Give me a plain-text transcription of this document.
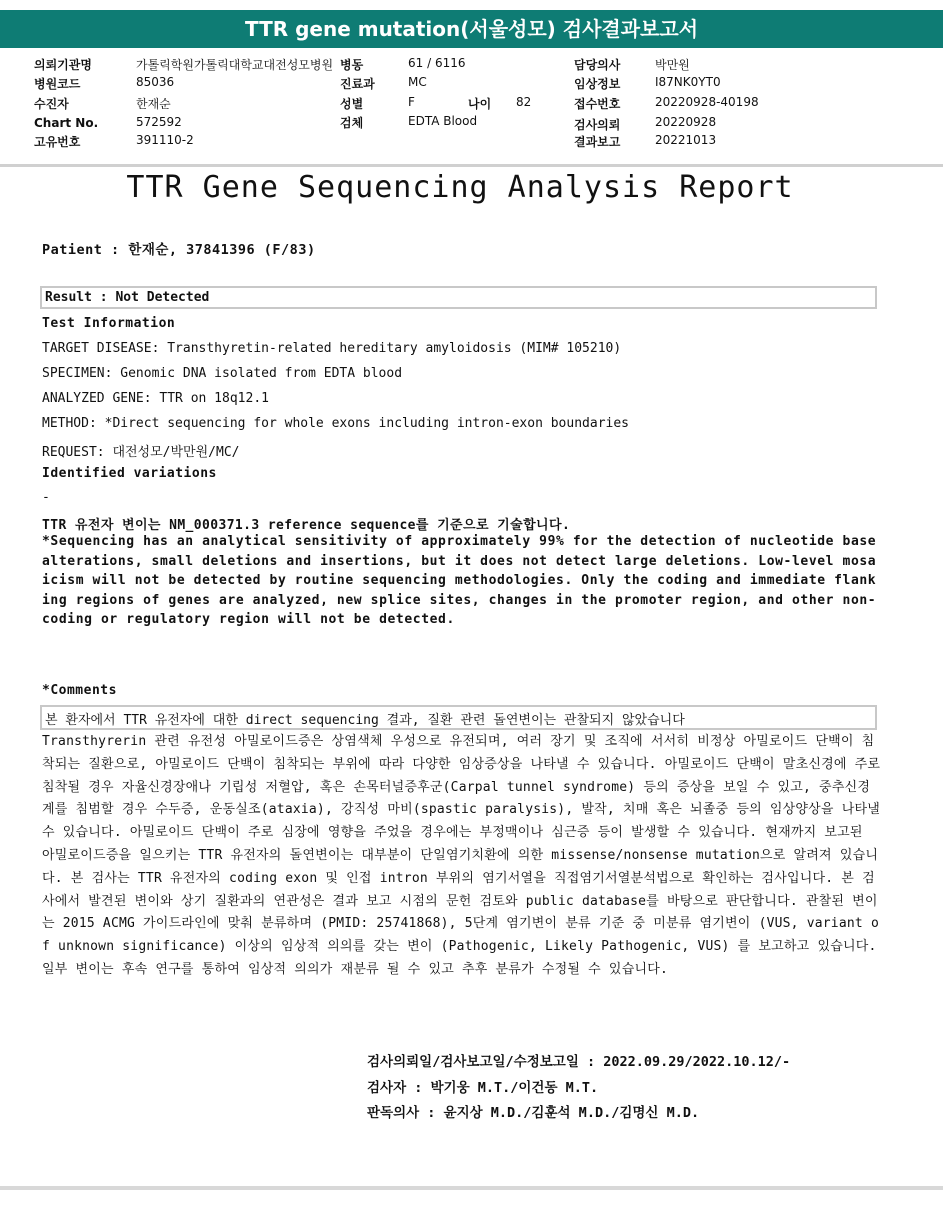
TTR gene mutation(서울성모) 검사결과보고서
의뢰기관명	가톨릭학원가톨릭대학교대전성모병원
병원코드	85036
수진자	한재순
Chart No.	572592
고유번호	391110-2
병동	61 / 6116
진료과	MC
성별	F	나이 82
검체	EDTA Blood
담당의사	박만원
임상정보	I87NK0YT0
접수번호	20220928-40198
검사의뢰	20220928
결과보고	20221013
TTR Gene Sequencing Analysis Report
Patient : 한재순, 37841396 (F/83)
Result : Not Detected
Test Information
TARGET DISEASE: Transthyretin-related hereditary amyloidosis (MIM# 105210)
SPECIMEN: Genomic DNA isolated from EDTA blood
ANALYZED GENE: TTR on 18q12.1
METHOD: *Direct sequencing for whole exons including intron-exon boundaries
REQUEST: 대전성모/박만원/MC/
Identified variations
-
TTR 유전자 변이는 NM_000371.3 reference sequence를 기준으로 기술합니다.
*Sequencing has an analytical sensitivity of approximately 99% for the detection of nucleotide base alterations, small deletions and insertions, but it does not detect large deletions. Low-level mosaicism will not be detected by routine sequencing methodologies. Only the coding and immediate flanking regions of genes are analyzed, new splice sites, changes in the promoter region, and other non-coding or regulatory region will not be detected.
*Comments
본 환자에서 TTR 유전자에 대한 direct sequencing 결과, 질환 관련 돌연변이는 관찰되지 않았습니다
Transthyrerin 관련 유전성 아밀로이드증은 상염색체 우성으로 유전되며, 여러 장기 및 조직에 서서히 비정상 아밀로이드 단백이 침착되는 질환으로, 아밀로이드 단백이 침착되는 부위에 따라 다양한 임상증상을 나타낼 수 있습니다. 아밀로이드 단백이 말초신경에 주로 침착될 경우 자율신경장애나 기립성 저혈압, 혹은 손목터널증후군(Carpal tunnel syndrome) 등의 증상을 보일 수 있고, 중추신경계를 침범할 경우 수두증, 운동실조(ataxia), 강직성 마비(spastic paralysis), 발작, 치매 혹은 뇌졸중 등의 임상양상을 나타낼 수 있습니다. 아밀로이드 단백이 주로 심장에 영향을 주었을 경우에는 부정맥이나 심근증 등이 발생할 수 있습니다. 현재까지 보고된 아밀로이드증을 일으키는 TTR 유전자의 돌연변이는 대부분이 단일염기치환에 의한 missense/nonsense mutation으로 알려져 있습니다. 본 검사는 TTR 유전자의 coding exon 및 인접 intron 부위의 염기서열을 직접염기서열분석법으로 확인하는 검사입니다. 본 검사에서 발견된 변이와 상기 질환과의 연관성은 결과 보고 시점의 문헌 검토와 public database를 바탕으로 판단합니다. 관찰된 변이는 2015 ACMG 가이드라인에 맞춰 분류하며 (PMID: 25741868), 5단계 염기변이 분류 기준 중 미분류 염기변이 (VUS, variant of unknown significance) 이상의 임상적 의의를 갖는 변이 (Pathogenic, Likely Pathogenic, VUS) 를 보고하고 있습니다. 일부 변이는 후속 연구를 통하여 임상적 의의가 재분류 될 수 있고 추후 분류가 수정될 수 있습니다.
검사의뢰일/검사보고일/수정보고일 : 2022.09.29/2022.10.12/-
검사자 : 박기웅 M.T./이건동 M.T.
판독의사 : 윤지상 M.D./김훈석 M.D./김명신 M.D.
